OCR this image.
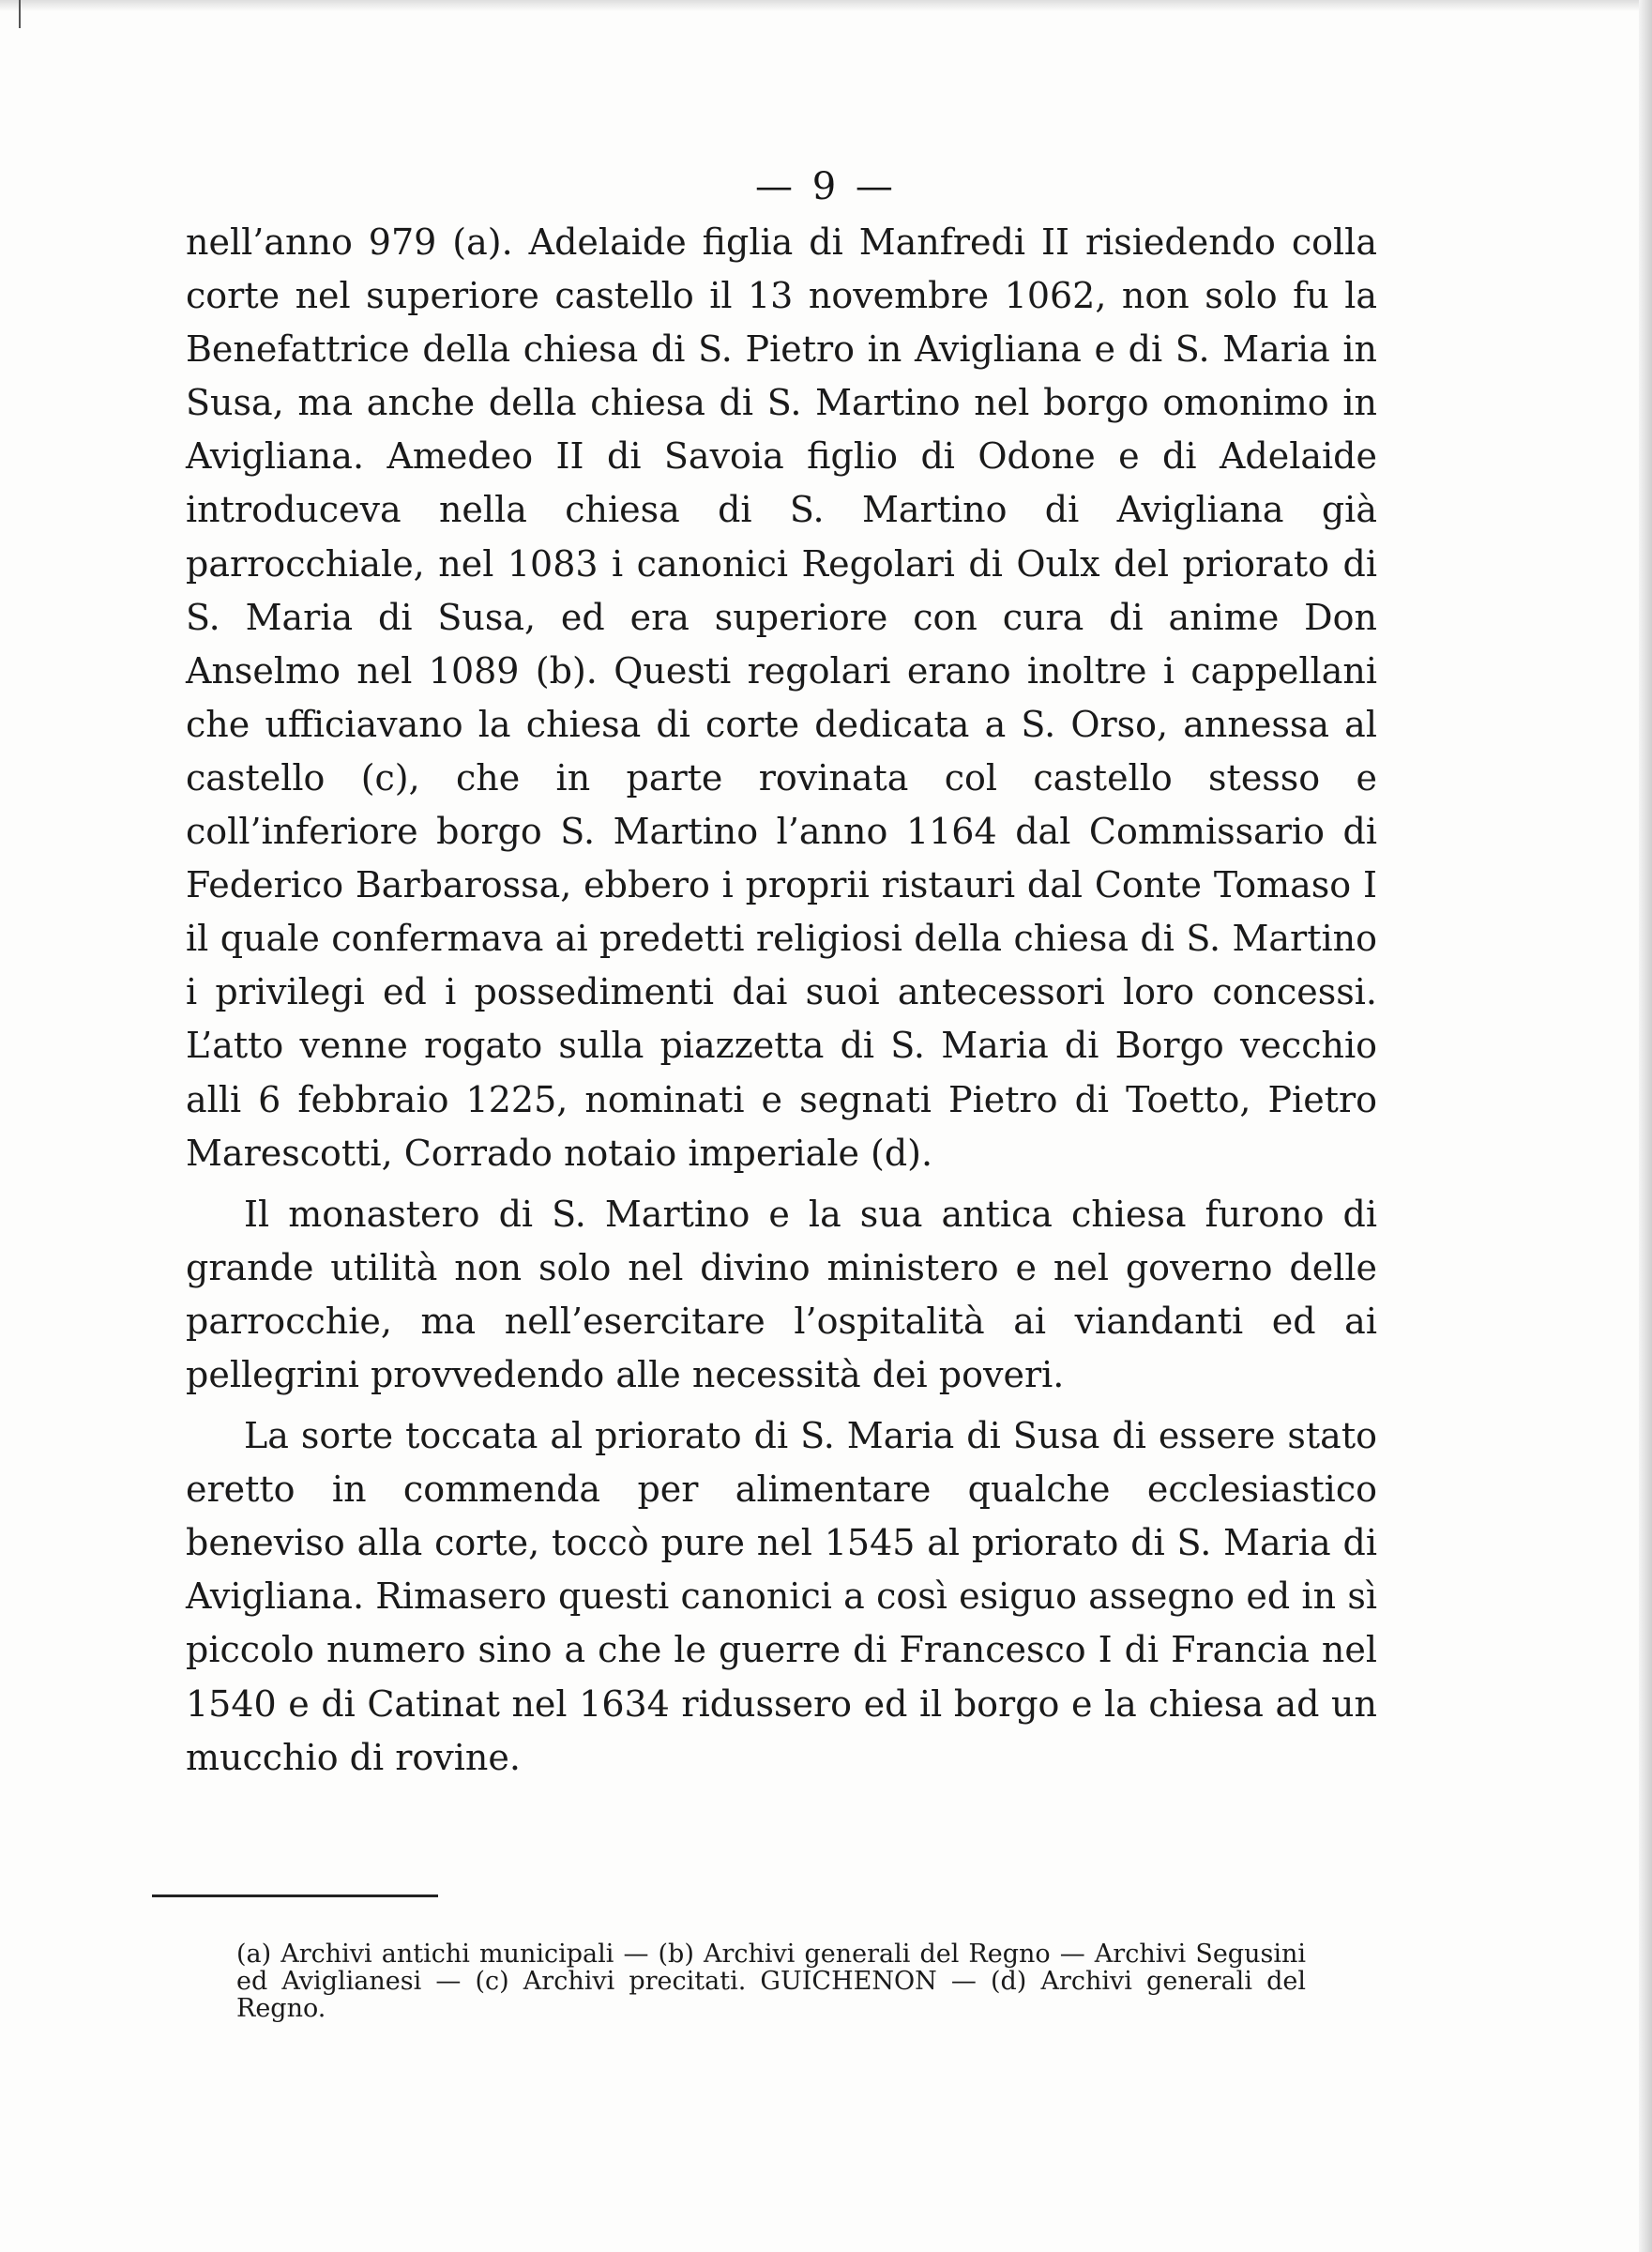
— 9 —

nell’anno 979 (a). Adelaide figlia di Manfredi II risiedendo colla corte nel superiore castello il 13 novembre 1062, non solo fu la Benefattrice della chiesa di S. Pietro in Avigliana e di S. Maria in Susa, ma anche della chiesa di S. Martino nel borgo omonimo in Avigliana. Amedeo II di Savoia figlio di Odone e di Adelaide introduceva nella chiesa di S. Martino di Avigliana già parrocchiale, nel 1083 i canonici Regolari di Oulx del priorato di S. Maria di Susa, ed era superiore con cura di anime Don Anselmo nel 1089 (b). Questi regolari erano inoltre i cappellani che ufficiavano la chiesa di corte dedicata a S. Orso, annessa al castello (c), che in parte rovinata col castello stesso e coll’inferiore borgo S. Martino l’anno 1164 dal Commissario di Federico Barbarossa, ebbero i proprii ristauri dal Conte Tomaso I il quale confermava ai predetti religiosi della chiesa di S. Martino i privilegi ed i possedimenti dai suoi antecessori loro concessi. L’atto venne rogato sulla piazzetta di S. Maria di Borgo vecchio alli 6 febbraio 1225, nominati e segnati Pietro di Toetto, Pietro Marescotti, Corrado notaio imperiale (d).

Il monastero di S. Martino e la sua antica chiesa furono di grande utilità non solo nel divino ministero e nel governo delle parrocchie, ma nell’esercitare l’ospitalità ai viandanti ed ai pellegrini provvedendo alle necessità dei poveri.

La sorte toccata al priorato di S. Maria di Susa di essere stato eretto in commenda per alimentare qualche ecclesiastico beneviso alla corte, toccò pure nel 1545 al priorato di S. Maria di Avigliana. Rimasero questi canonici a così esiguo assegno ed in sì piccolo numero sino a che le guerre di Francesco I di Francia nel 1540 e di Catinat nel 1634 ridussero ed il borgo e la chiesa ad un mucchio di rovine.

(a) Archivi antichi municipali — (b) Archivi generali del Regno — Archivi Segusini ed Aviglianesi — (c) Archivi precitati. GUICHENON — (d) Archivi generali del Regno.
